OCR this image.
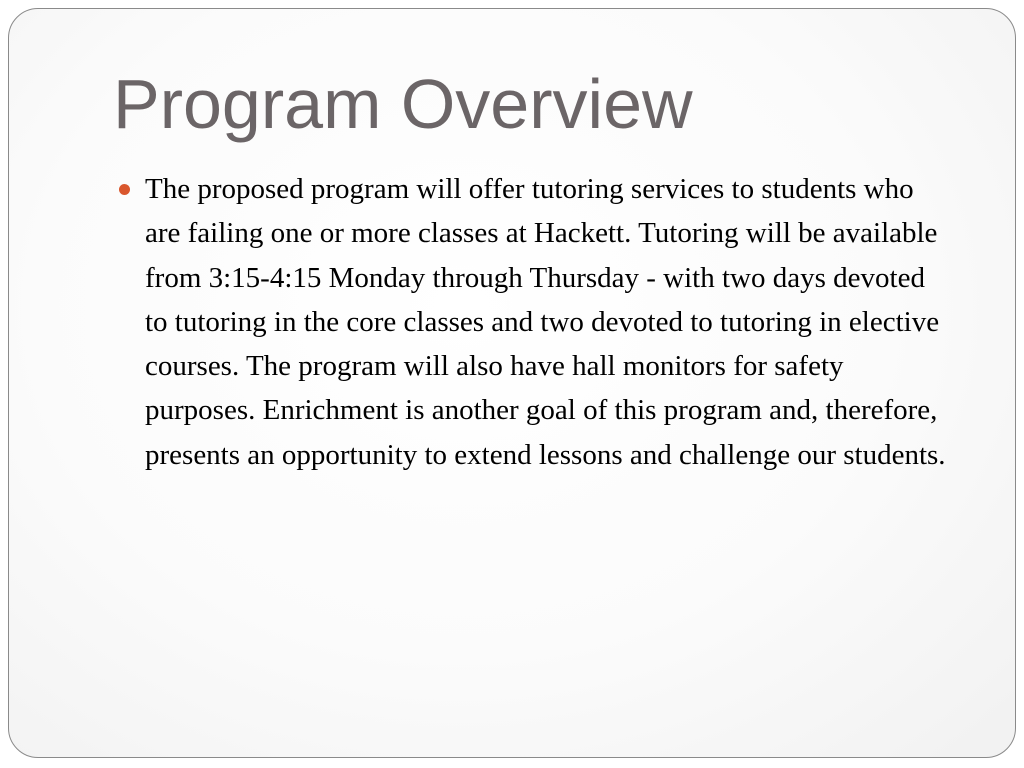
Program Overview
The proposed program will offer tutoring services to students who are failing one or more classes at Hackett. Tutoring will be available from 3:15-4:15 Monday through Thursday - with two days devoted to tutoring in the core classes and two devoted to tutoring in elective courses. The program will also have hall monitors for safety purposes. Enrichment is another goal of this program and, therefore, presents an opportunity to extend lessons and challenge our students.
